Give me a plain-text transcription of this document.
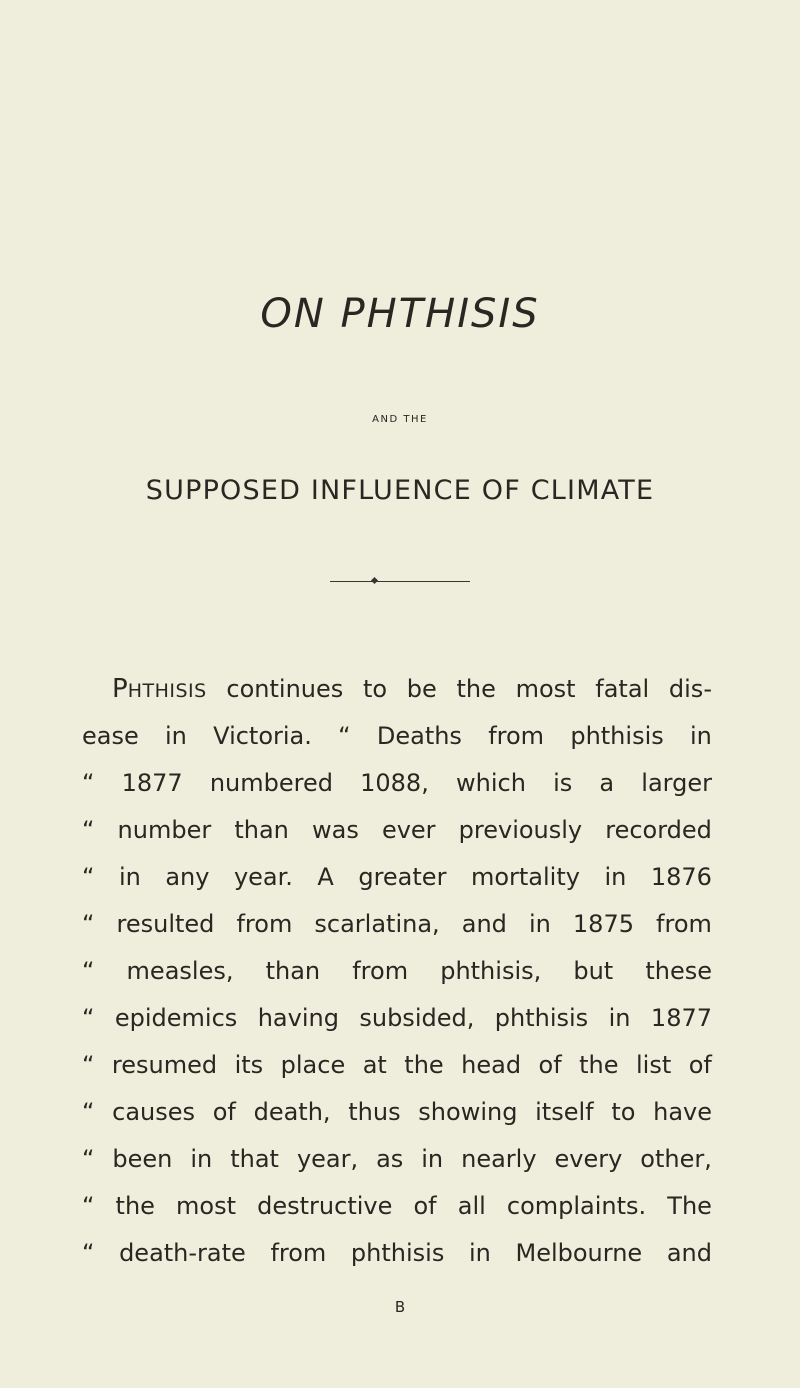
ON PHTHISIS
AND THE
SUPPOSED INFLUENCE OF CLIMATE
PHTHISIS continues to be the most fatal dis-
ease in Victoria. “ Deaths from phthisis in
“ 1877 numbered 1088, which is a larger
“ number than was ever previously recorded
“ in any year. A greater mortality in 1876
“ resulted from scarlatina, and in 1875 from
“ measles, than from phthisis, but these
“ epidemics having subsided, phthisis in 1877
“ resumed its place at the head of the list of
“ causes of death, thus showing itself to have
“ been in that year, as in nearly every other,
“ the most destructive of all complaints. The
“ death-rate from phthisis in Melbourne and
B
